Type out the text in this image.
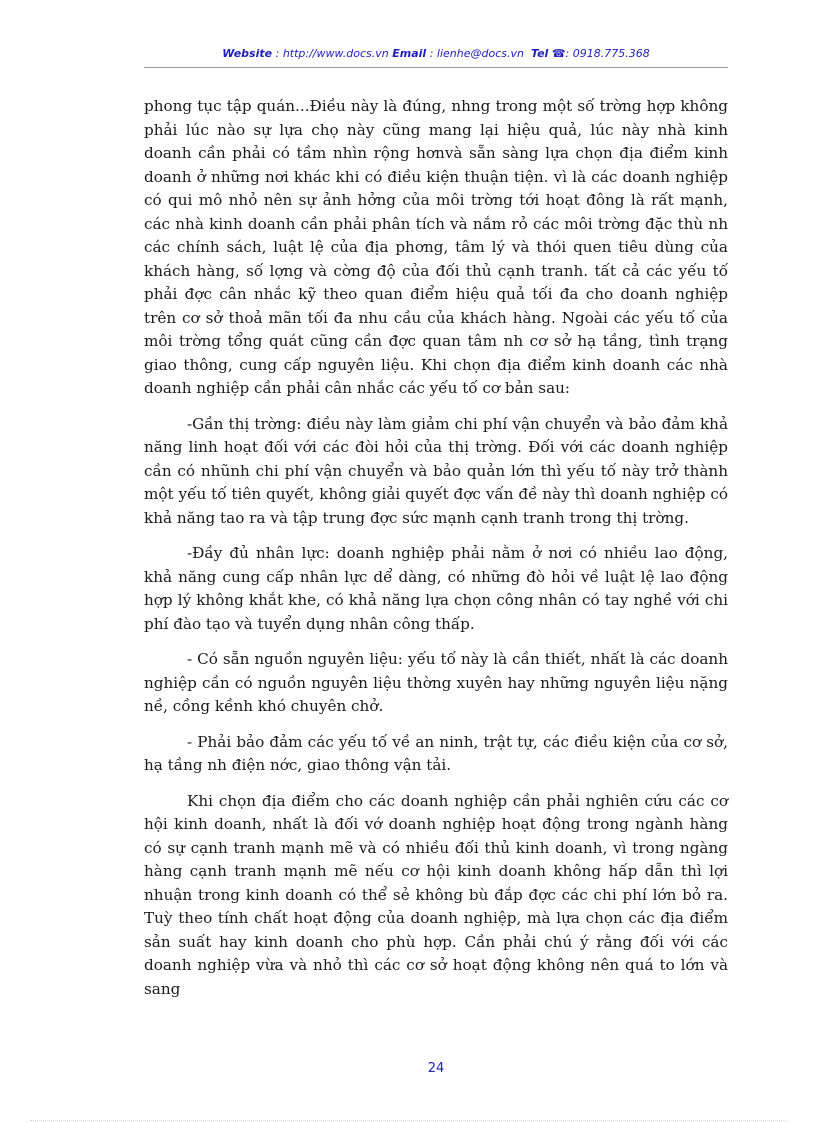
Website : http://www.docs.vn Email : lienhe@docs.vn Tel ☎: 0918.775.368

phong tục tập quán...Điều này là đúng, nhng trong một số trờng hợp không phải lúc nào sự lựa chọ này cũng mang lại hiệu quả, lúc này nhà kinh doanh cần phải có tầm nhìn rộng hơnvà sẵn sàng lựa chọn địa điểm kinh doanh ở những nơi khác khi có điều kiện thuận tiện. vì là các doanh nghiệp có qui mô nhỏ nên sự ảnh hởng của môi trờng tới hoạt đông là rất mạnh, các nhà kinh doanh cần phải phân tích và nắm rỏ các môi trờng đặc thù nh các chính sách, luật lệ của địa phơng, tâm lý và thói quen tiêu dùng của khách hàng, số lợng và cờng độ của đối thủ cạnh tranh. tất cả các yếu tố phải đợc cân nhắc kỹ theo quan điểm hiệu quả tối đa cho doanh nghiệp trên cơ sở thoả mãn tối đa nhu cầu của khách hàng. Ngoài các yếu tố của môi trờng tổng quát cũng cần đợc quan tâm nh cơ sở hạ tầng, tình trạng giao thông, cung cấp nguyên liệu. Khi chọn địa điểm kinh doanh các nhà doanh nghiệp cần phải cân nhắc các yếu tố cơ bản sau:

-Gần thị trờng: điều này làm giảm chi phí vận chuyển và bảo đảm khả năng linh hoạt đối với các đòi hỏi của thị trờng. Đối với các doanh nghiệp cần có nhũnh chi phí vận chuyển và bảo quản lớn thì yếu tố này trở thành một yếu tố tiên quyết, không giải quyết đợc vấn đề này thì doanh nghiệp có khả năng tao ra và tập trung đợc sức mạnh cạnh tranh trong thị trờng.

-Đầy đủ nhân lực: doanh nghiệp phải nằm ở nơi có nhiều lao động, khả năng cung cấp nhân lực dể dàng, có những đò hỏi về luật lệ lao động hợp lý không khắt khe, có khả năng lựa chọn công nhân có tay nghề với chi phí đào tạo và tuyển dụng nhân công thấp.

- Có sẵn nguồn nguyên liệu: yếu tố này là cần thiết, nhất là các doanh nghiệp cần có nguồn nguyên liệu thờng xuyên hay những nguyên liệu nặng nề, cồng kềnh khó chuyên chở.

- Phải bảo đảm các yếu tố về an ninh, trật tự, các điều kiện của cơ sở, hạ tầng nh điện nớc, giao thông vận tải.

Khi chọn địa điểm cho các doanh nghiệp cần phải nghiên cứu các cơ hội kinh doanh, nhất là đối vớ doanh nghiệp hoạt động trong ngành hàng có sự cạnh tranh mạnh mẽ và có nhiều đối thủ kinh doanh, vì trong ngàng hàng cạnh tranh mạnh mẽ nếu cơ hội kinh doanh không hấp dẫn thì lợi nhuận trong kinh doanh có thể sẻ không bù đắp đợc các chi phí lớn bỏ ra. Tuỳ theo tính chất hoạt động của doanh nghiệp, mà lựa chọn các địa điểm sản suất hay kinh doanh cho phù hợp. Cần phải chú ý rằng đối với các doanh nghiệp vừa và nhỏ thì các cơ sở hoạt động không nên quá to lớn và sang

24
